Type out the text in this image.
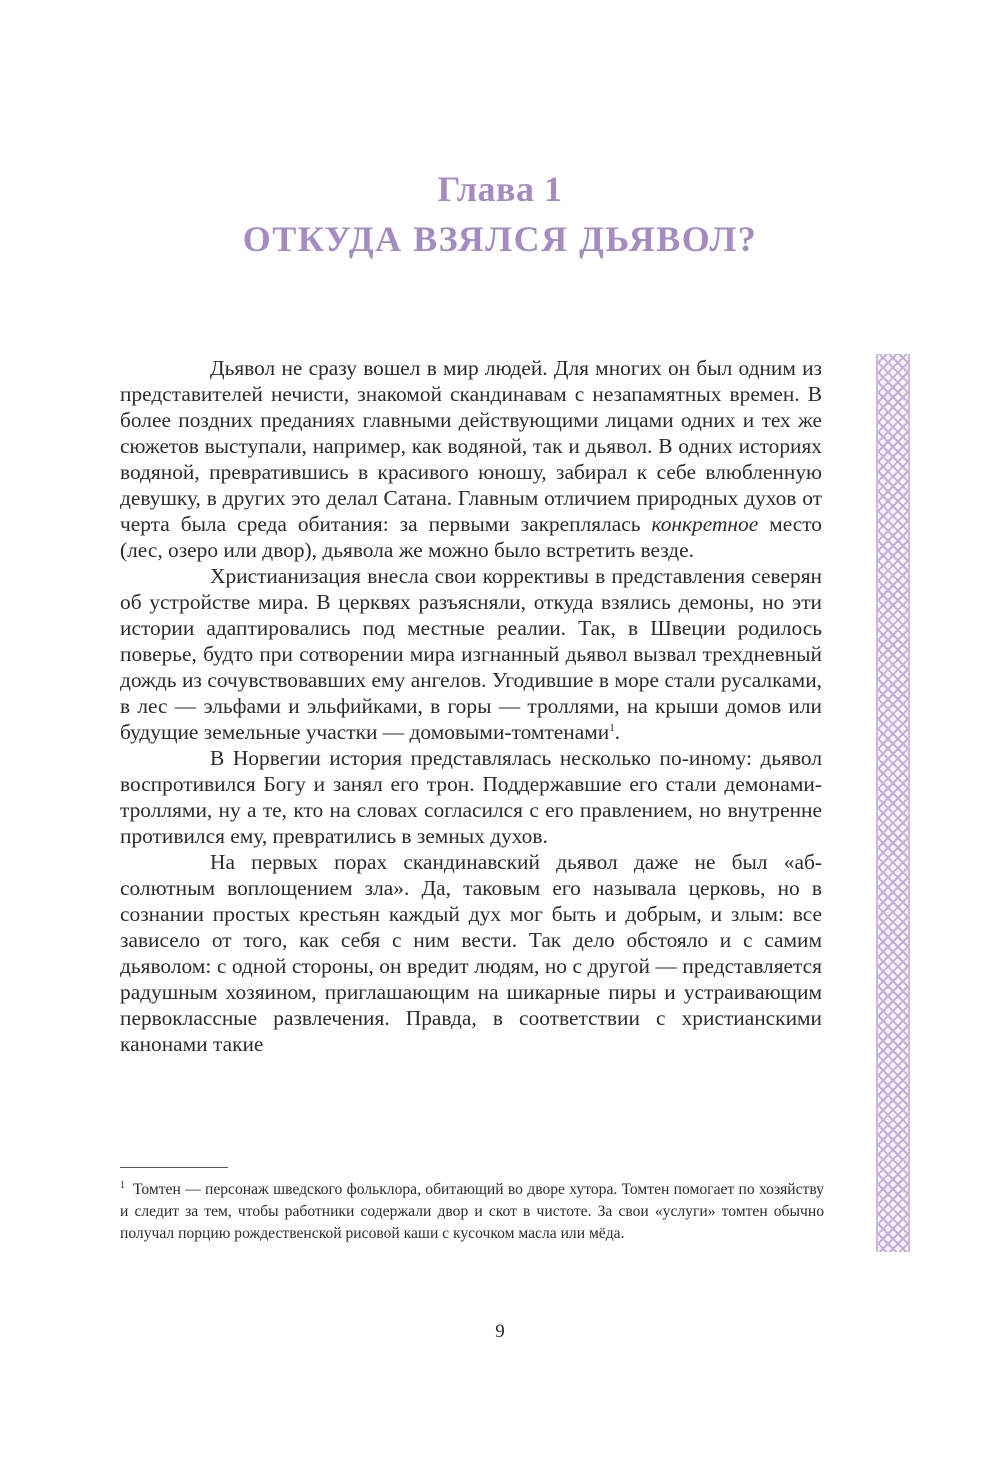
Глава 1
ОТКУДА ВЗЯЛСЯ ДЬЯВОЛ?

Дьявол не сразу вошел в мир людей. Для многих он был одним из представителей нечисти, знакомой скандинавам с незапамятных времен. В более поздних преданиях главными действующими лицами одних и тех же сюжетов выступали, например, как водяной, так и дьявол. В одних историях водяной, превратившись в красивого юношу, забирал к себе влюбленную девушку, в других это делал Сатана. Главным отличием природных духов от черта была среда обитания: за первыми закреплялась конкретное место (лес, озеро или двор), дьявола же можно было встретить везде.

Христианизация внесла свои коррективы в представления северян об устройстве мира. В церквях разъясняли, откуда взялись демоны, но эти истории адаптировались под местные реалии. Так, в Швеции родилось поверье, будто при сотворении мира изгнанный дьявол вызвал трехдневный дождь из сочувствовавших ему ангелов. Угодившие в море стали русалками, в лес — эльфами и эльфийками, в горы — троллями, на крыши домов или будущие земельные участки — домовыми-томтенами$^1$.

В Норвегии история представлялась несколько по-иному: дьявол воспротивился Богу и занял его трон. Поддержавшие его стали демонами-троллями, ну а те, кто на словах согласился с его правлением, но внутренне противился ему, превратились в земных духов.

На первых порах скандинавский дьявол даже не был «абсолютным воплощением зла». Да, таковым его называла церковь, но в сознании простых крестьян каждый дух мог быть и добрым, и злым: все зависело от того, как себя с ним вести. Так дело обстояло и с самим дьяволом: с одной стороны, он вредит людям, но с другой — представляется радушным хозяином, приглашающим на шикарные пиры и устраивающим первоклассные развлечения. Правда, в соответствии с христианскими канонами такие

$^1$ Томтен — персонаж шведского фольклора, обитающий во дворе хутора. Томтен помогает по хозяйству и следит за тем, чтобы работники содержали двор и скот в чистоте. За свои «услуги» томтен обычно получал порцию рождественской рисовой каши с кусочком масла или мёда.
9
